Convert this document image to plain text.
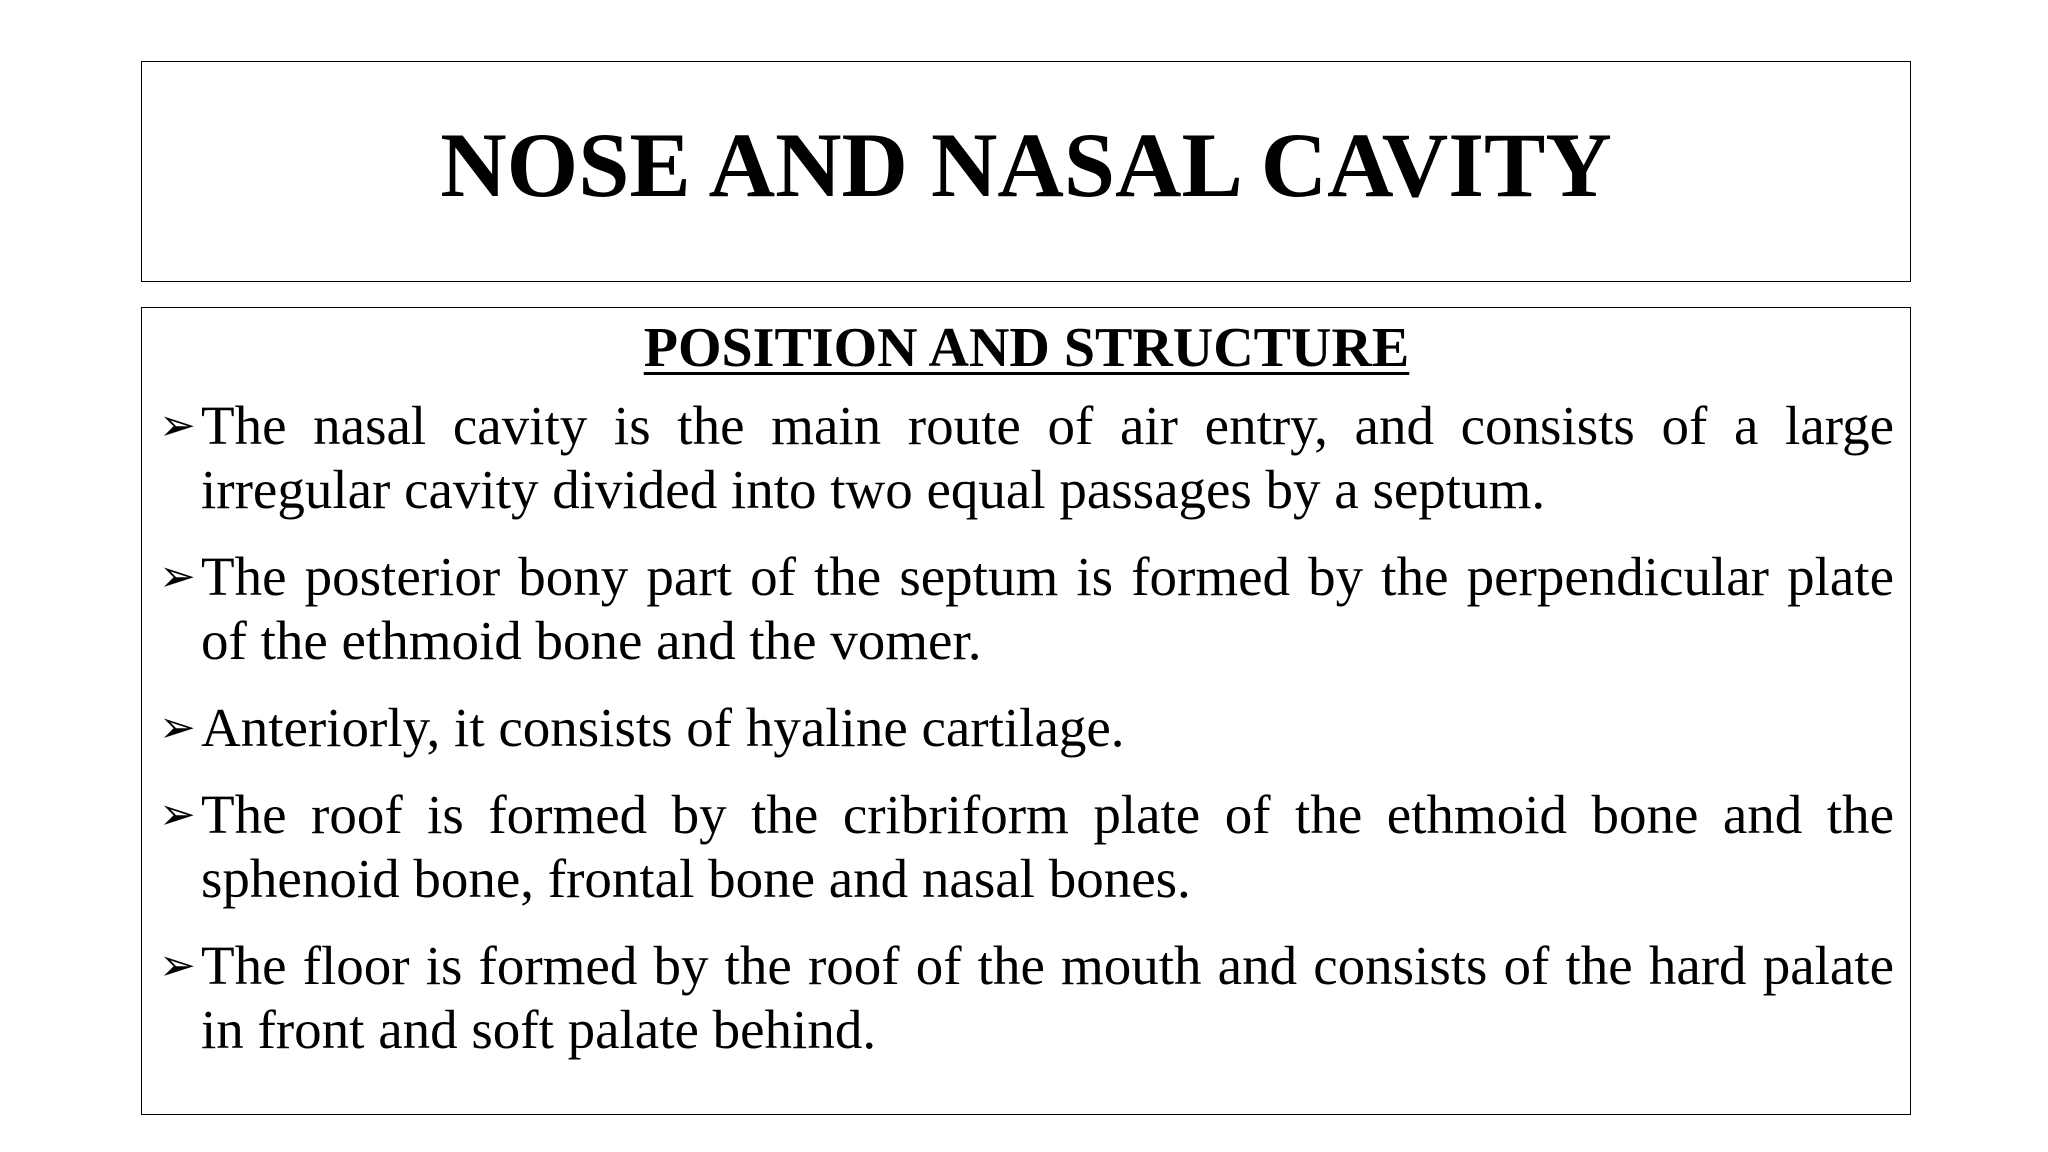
NOSE AND NASAL CAVITY
POSITION AND STRUCTURE
➢ The nasal cavity is the main route of air entry, and consists of a large irregular cavity divided into two equal passages by a septum.
➢ The posterior bony part of the septum is formed by the perpendicular plate of the ethmoid bone and the vomer.
➢ Anteriorly, it consists of hyaline cartilage.
➢ The roof is formed by the cribriform plate of the ethmoid bone and the sphenoid bone, frontal bone and nasal bones.
➢ The floor is formed by the roof of the mouth and consists of the hard palate in front and soft palate behind.
